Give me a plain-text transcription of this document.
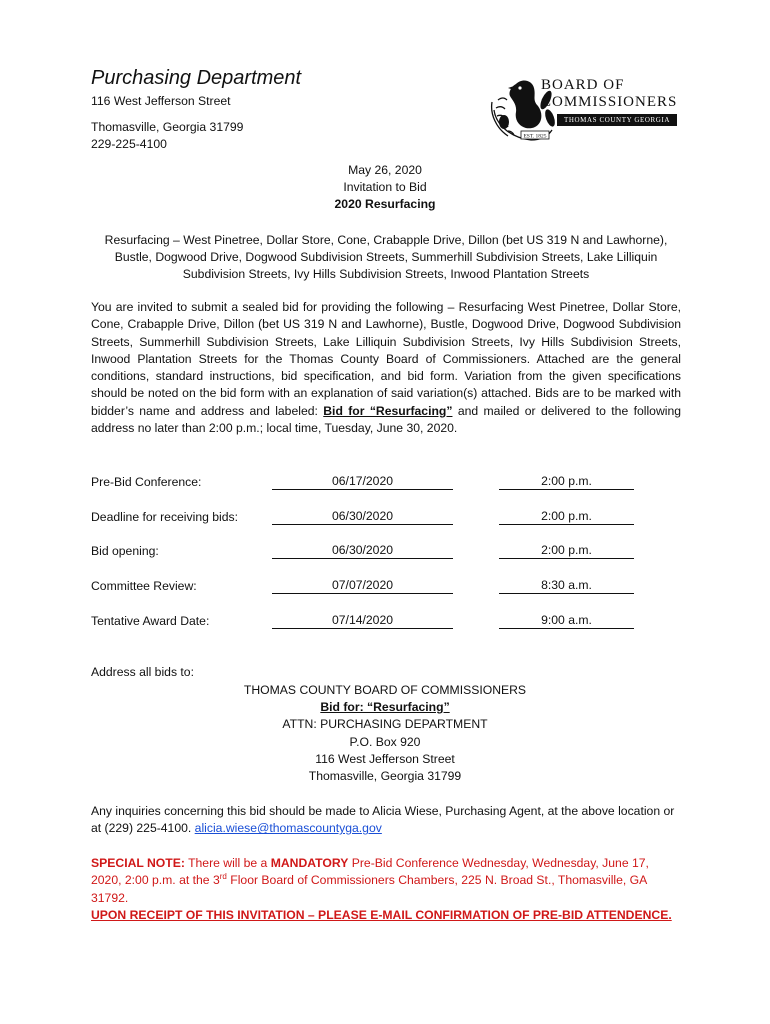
Purchasing Department
116 West Jefferson Street
Thomasville, Georgia 31799
229-225-4100
EST. 1825
BOARD OF
COMMISSIONERS
THOMAS COUNTY GEORGIA
May 26, 2020
Invitation to Bid
2020 Resurfacing
Resurfacing – West Pinetree, Dollar Store, Cone, Crabapple Drive, Dillon (bet US 319 N and Lawhorne),
Bustle, Dogwood Drive, Dogwood Subdivision Streets, Summerhill Subdivision Streets, Lake Lilliquin
Subdivision Streets, Ivy Hills Subdivision Streets, Inwood Plantation Streets
You are invited to submit a sealed bid for providing the following – Resurfacing West Pinetree, Dollar Store, Cone, Crabapple Drive, Dillon (bet US 319 N and Lawhorne), Bustle, Dogwood Drive, Dogwood Subdivision Streets, Summerhill Subdivision Streets, Lake Lilliquin Subdivision Streets, Ivy Hills Subdivision Streets, Inwood Plantation Streets for the Thomas County Board of Commissioners. Attached are the general conditions, standard instructions, bid specification, and bid form. Variation from the given specifications should be noted on the bid form with an explanation of said variation(s) attached. Bids are to be marked with bidder’s name and address and labeled: Bid for “Resurfacing” and mailed or delivered to the following address no later than 2:00 p.m.; local time, Tuesday, June 30, 2020.
Pre-Bid Conference:	06/17/2020	2:00 p.m.
Deadline for receiving bids:	06/30/2020	2:00 p.m.
Bid opening:	06/30/2020	2:00 p.m.
Committee Review:	07/07/2020	8:30 a.m.
Tentative Award Date:	07/14/2020	9:00 a.m.
Address all bids to:
THOMAS COUNTY BOARD OF COMMISSIONERS
Bid for: “Resurfacing”
ATTN: PURCHASING DEPARTMENT
P.O. Box 920
116 West Jefferson Street
Thomasville, Georgia 31799
Any inquiries concerning this bid should be made to Alicia Wiese, Purchasing Agent, at the above location or at (229) 225-4100. alicia.wiese@thomascountyga.gov
SPECIAL NOTE: There will be a MANDATORY Pre-Bid Conference Wednesday, Wednesday, June 17, 2020, 2:00 p.m. at the 3rd Floor Board of Commissioners Chambers, 225 N. Broad St., Thomasville, GA 31792.
UPON RECEIPT OF THIS INVITATION – PLEASE E-MAIL CONFIRMATION OF PRE-BID ATTENDENCE.
